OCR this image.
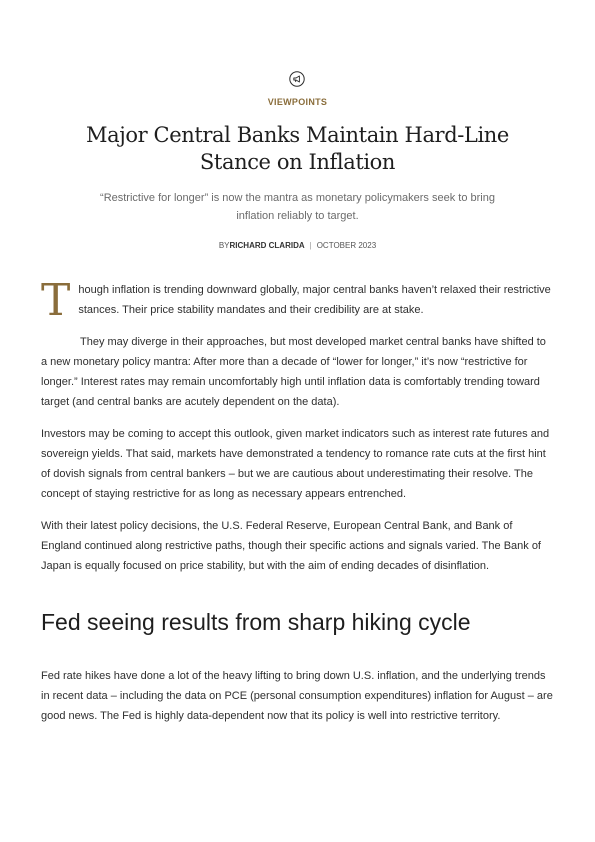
VIEWPOINTS
Major Central Banks Maintain Hard-Line Stance on Inflation

“Restrictive for longer” is now the mantra as monetary policymakers seek to bring inflation reliably to target.

BYRICHARD CLARIDA | OCTOBER 2023

Though inflation is trending downward globally, major central banks haven’t relaxed their restrictive stances. Their price stability mandates and their credibility are at stake.

They may diverge in their approaches, but most developed market central banks have shifted to a new monetary policy mantra: After more than a decade of “lower for longer,” it’s now “restrictive for longer.” Interest rates may remain uncomfortably high until inflation data is comfortably trending toward target (and central banks are acutely dependent on the data).

Investors may be coming to accept this outlook, given market indicators such as interest rate futures and sovereign yields. That said, markets have demonstrated a tendency to romance rate cuts at the first hint of dovish signals from central bankers – but we are cautious about underestimating their resolve. The concept of staying restrictive for as long as necessary appears entrenched.

With their latest policy decisions, the U.S. Federal Reserve, European Central Bank, and Bank of England continued along restrictive paths, though their specific actions and signals varied. The Bank of Japan is equally focused on price stability, but with the aim of ending decades of disinflation.

Fed seeing results from sharp hiking cycle

Fed rate hikes have done a lot of the heavy lifting to bring down U.S. inflation, and the underlying trends in recent data – including the data on PCE (personal consumption expenditures) inflation for August – are good news. The Fed is highly data-dependent now that its policy is well into restrictive territory.
